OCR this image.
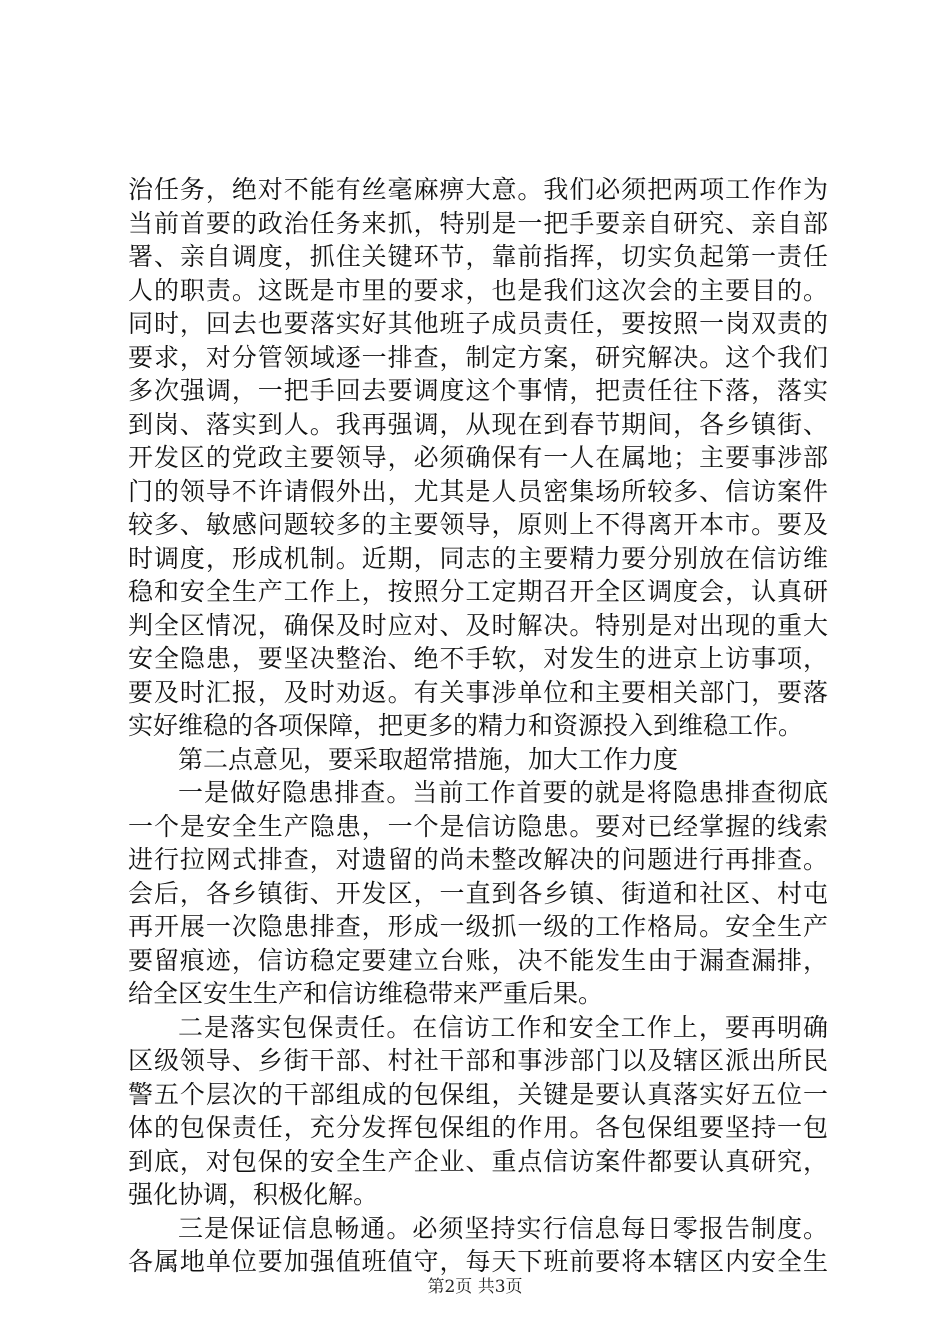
治任务，绝对不能有丝毫麻痹大意。我们必须把两项工作作为
当前首要的政治任务来抓，特别是一把手要亲自研究、亲自部
署、亲自调度，抓住关键环节，靠前指挥，切实负起第一责任
人的职责。这既是市里的要求，也是我们这次会的主要目的。
同时，回去也要落实好其他班子成员责任，要按照一岗双责的
要求，对分管领域逐一排查，制定方案，研究解决。这个我们
多次强调，一把手回去要调度这个事情，把责任往下落，落实
到岗、落实到人。我再强调，从现在到春节期间，各乡镇街、
开发区的党政主要领导，必须确保有一人在属地；主要事涉部
门的领导不许请假外出，尤其是人员密集场所较多、信访案件
较多、敏感问题较多的主要领导，原则上不得离开本市。要及
时调度，形成机制。近期，同志的主要精力要分别放在信访维
稳和安全生产工作上，按照分工定期召开全区调度会，认真研
判全区情况，确保及时应对、及时解决。特别是对出现的重大
安全隐患，要坚决整治、绝不手软，对发生的进京上访事项，
要及时汇报，及时劝返。有关事涉单位和主要相关部门，要落
实好维稳的各项保障，把更多的精力和资源投入到维稳工作。
第二点意见，要采取超常措施，加大工作力度
一是做好隐患排查。当前工作首要的就是将隐患排查彻底
一个是安全生产隐患，一个是信访隐患。要对已经掌握的线索
进行拉网式排查，对遗留的尚未整改解决的问题进行再排查。
会后，各乡镇街、开发区，一直到各乡镇、街道和社区、村屯
再开展一次隐患排查，形成一级抓一级的工作格局。安全生产
要留痕迹，信访稳定要建立台账，决不能发生由于漏查漏排，
给全区安生生产和信访维稳带来严重后果。
二是落实包保责任。在信访工作和安全工作上，要再明确
区级领导、乡街干部、村社干部和事涉部门以及辖区派出所民
警五个层次的干部组成的包保组，关键是要认真落实好五位一
体的包保责任，充分发挥包保组的作用。各包保组要坚持一包
到底，对包保的安全生产企业、重点信访案件都要认真研究，
强化协调，积极化解。
三是保证信息畅通。必须坚持实行信息每日零报告制度。
各属地单位要加强值班值守，每天下班前要将本辖区内安全生
第2页 共3页
